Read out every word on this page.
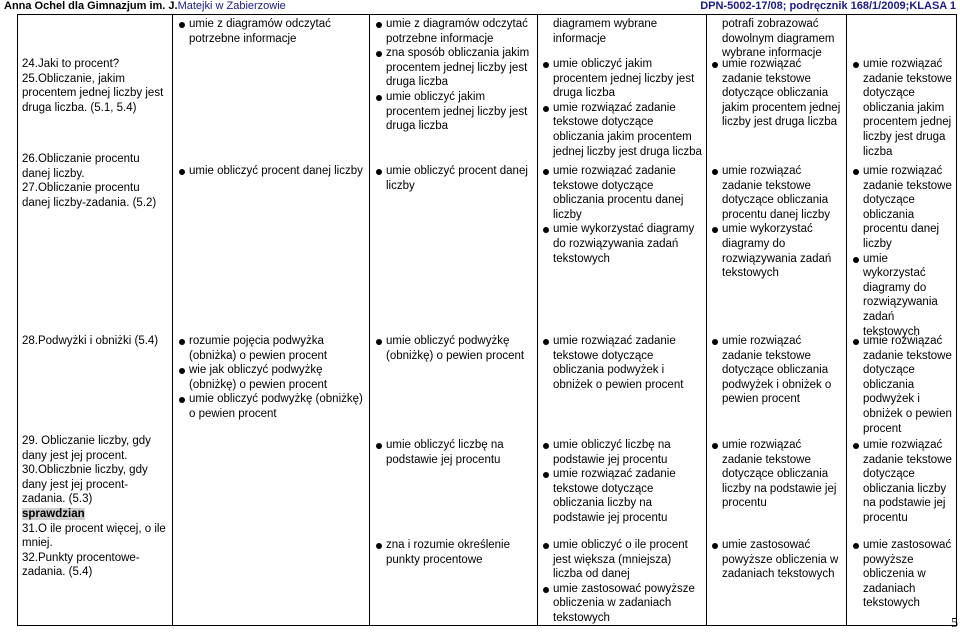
Anna Ochel dla Gimnazjum im. J.Matejki w Zabierzowie	DPN-5002-17/08; podręcznik 168/1/2009;KLASA 1
24.Jaki to procent?
25.Obliczanie, jakim procentem jednej liczby jest druga liczba. (5.1, 5.4)
26.Obliczanie procentu danej liczby.
27.Obliczanie procentu danej liczby-zadania. (5.2)
28.Podwyżki i obniżki (5.4)
29. Obliczanie liczby, gdy dany jest jej procent.
30.Obliczbnie liczby, gdy dany jest jej procent-zadania. (5.3)
sprawdzian
31.O ile procent więcej, o ile mniej.
32.Punkty procentowe-zadania. (5.4)
umie z diagramów odczytać potrzebne informacje
umie obliczyć procent danej liczby
rozumie pojęcia podwyżka (obniżka) o pewien procent
wie jak obliczyć podwyżkę (obniżkę) o pewien procent
umie obliczyć podwyżkę (obniżkę) o pewien procent
umie z diagramów odczytać potrzebne informacje
zna sposób obliczania jakim procentem jednej liczby jest druga liczba
umie obliczyć jakim procentem jednej liczby jest druga liczba
umie obliczyć procent danej liczby
umie obliczyć podwyżkę (obniżkę) o pewien procent
umie obliczyć liczbę na podstawie jej procentu
zna i rozumie określenie punkty procentowe
diagramem wybrane informacje
umie obliczyć jakim procentem jednej liczby jest druga liczba
umie rozwiązać zadanie tekstowe dotyczące obliczania jakim procentem jednej liczby jest druga liczba
umie rozwiązać zadanie tekstowe dotyczące obliczania procentu danej liczby
umie wykorzystać diagramy do rozwiązywania zadań tekstowych
umie rozwiązać zadanie tekstowe dotyczące obliczania podwyżek i obniżek o pewien procent
umie obliczyć liczbę na podstawie jej procentu
umie rozwiązać zadanie tekstowe dotyczące obliczania liczby na podstawie jej procentu
umie obliczyć o ile procent jest większa (mniejsza) liczba od danej
umie zastosować powyższe obliczenia w zadaniach tekstowych
potrafi zobrazować
dowolnym diagramem
wybrane informacje
umie rozwiązać zadanie tekstowe dotyczące obliczania jakim procentem jednej liczby jest druga liczba
umie rozwiązać zadanie tekstowe dotyczące obliczania procentu danej liczby
umie wykorzystać diagramy do rozwiązywania zadań tekstowych
umie rozwiązać zadanie tekstowe dotyczące obliczania podwyżek i obniżek o pewien procent
umie rozwiązać zadanie tekstowe dotyczące obliczania liczby na podstawie jej procentu
umie zastosować powyższe obliczenia w zadaniach tekstowych
umie rozwiązać zadanie tekstowe dotyczące obliczania jakim procentem jednej liczby jest druga liczba
umie rozwiązać zadanie tekstowe dotyczące obliczania procentu danej liczby
umie wykorzystać diagramy do rozwiązywania zadań tekstowych
umie rozwiązać zadanie tekstowe dotyczące obliczania podwyżek i obniżek o pewien procent
umie rozwiązać zadanie tekstowe dotyczące obliczania liczby na podstawie jej procentu
umie zastosować powyższe obliczenia w zadaniach tekstowych
5
